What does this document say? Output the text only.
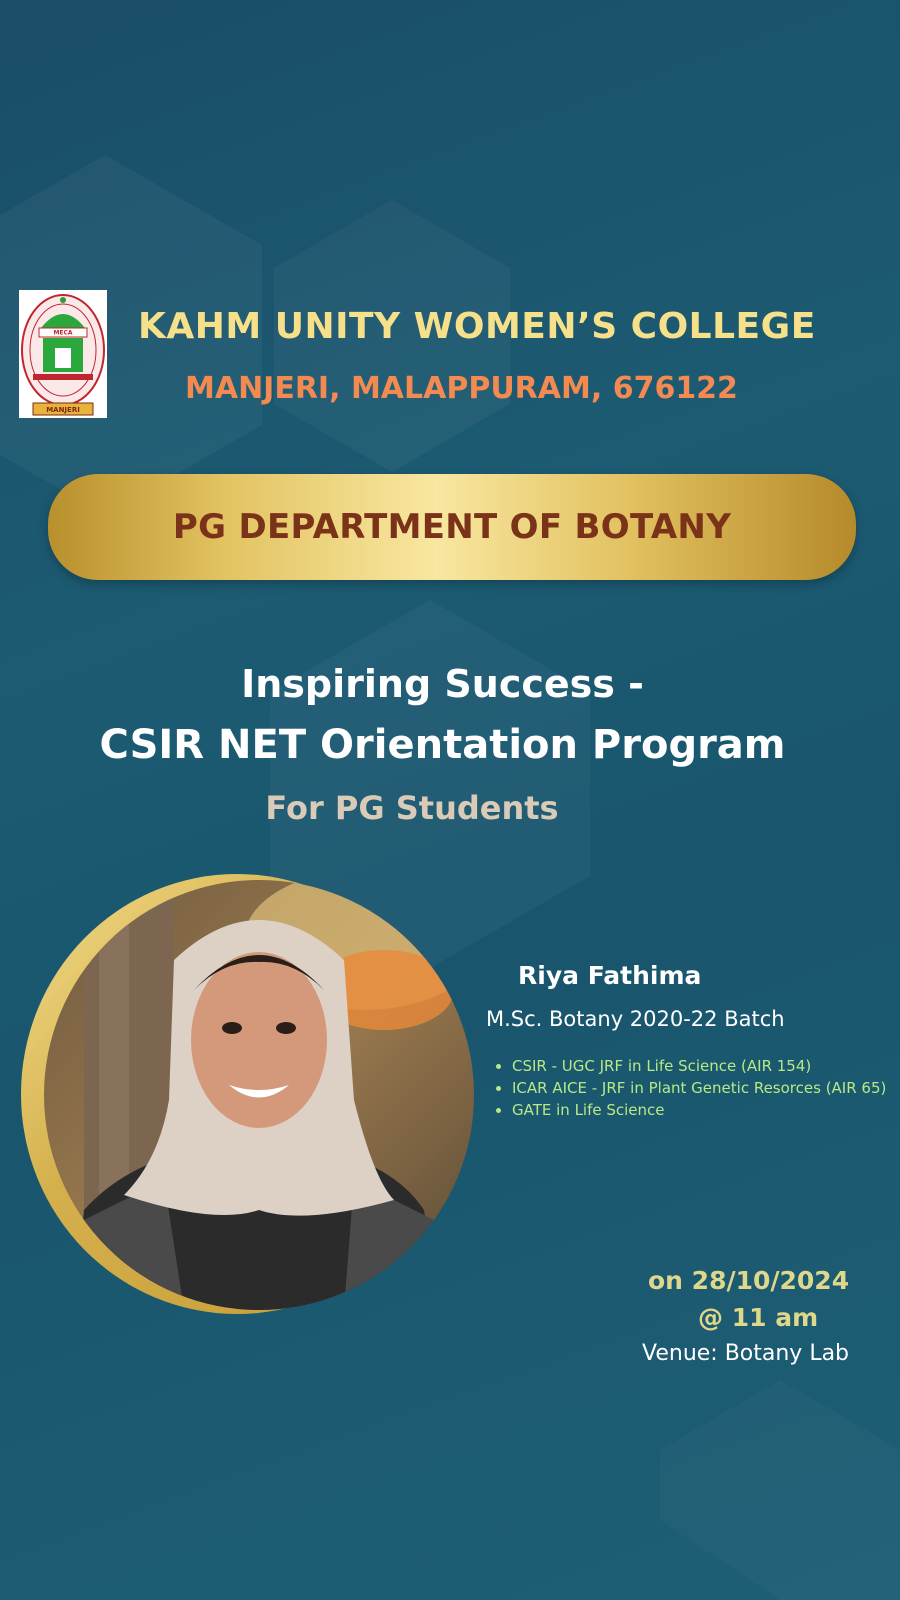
MECA
MANJERI
KAHM UNITY WOMEN’S COLLEGE
MANJERI, MALAPPURAM, 676122
PG DEPARTMENT OF BOTANY
Inspiring Success -
CSIR NET Orientation Program
For PG Students
Riya Fathima
M.Sc. Botany 2020-22 Batch
• CSIR - UGC JRF in Life Science (AIR 154)
• ICAR AICE - JRF in Plant Genetic Resorces (AIR 65)
• GATE in Life Science
on 28/10/2024
@ 11 am
Venue: Botany Lab
